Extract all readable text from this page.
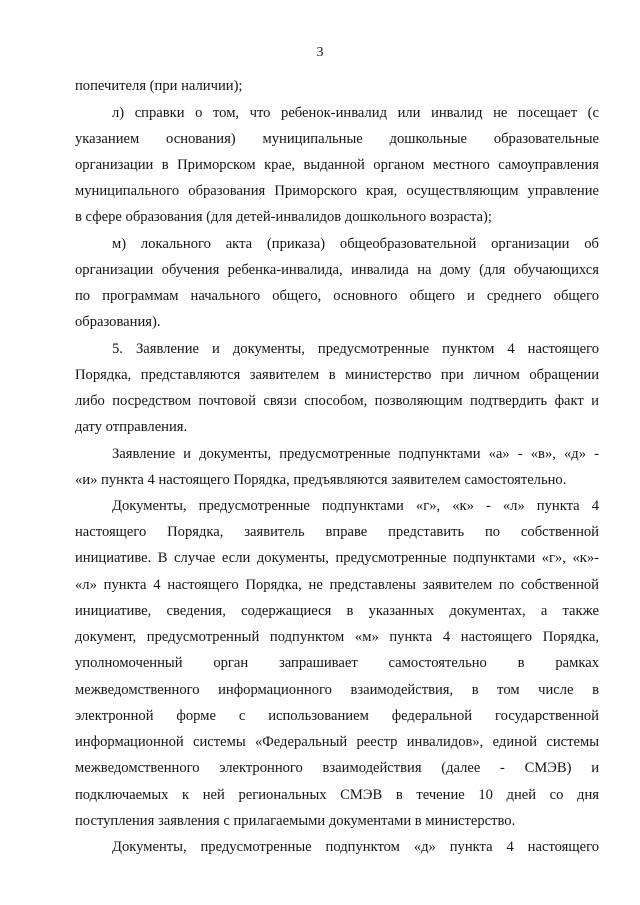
3
попечителя (при наличии);
л) справки о том, что ребенок-инвалид или инвалид не посещает (с
указанием основания) муниципальные дошкольные образовательные
организации в Приморском крае, выданной органом местного самоуправления
муниципального образования Приморского края, осуществляющим управление
в сфере образования (для детей-инвалидов дошкольного возраста);
м) локального акта (приказа) общеобразовательной организации об
организации обучения ребенка-инвалида, инвалида на дому (для обучающихся
по программам начального общего, основного общего и среднего общего
образования).
5. Заявление и документы, предусмотренные пунктом 4 настоящего
Порядка, представляются заявителем в министерство при личном обращении
либо посредством почтовой связи способом, позволяющим подтвердить факт и
дату отправления.
Заявление и документы, предусмотренные подпунктами «а» - «в», «д» -
«и» пункта 4 настоящего Порядка, предъявляются заявителем самостоятельно.
Документы, предусмотренные подпунктами «г», «к» - «л» пункта 4
настоящего Порядка, заявитель вправе представить по собственной
инициативе. В случае если документы, предусмотренные подпунктами «г», «к»-
«л» пункта 4 настоящего Порядка, не представлены заявителем по собственной
инициативе, сведения, содержащиеся в указанных документах, а также
документ, предусмотренный подпунктом «м» пункта 4 настоящего Порядка,
уполномоченный орган запрашивает самостоятельно в рамках
межведомственного информационного взаимодействия, в том числе в
электронной форме с использованием федеральной государственной
информационной системы «Федеральный реестр инвалидов», единой системы
межведомственного электронного взаимодействия (далее - СМЭВ) и
подключаемых к ней региональных СМЭВ в течение 10 дней со дня
поступления заявления с прилагаемыми документами в министерство.
Документы, предусмотренные подпунктом «д» пункта 4 настоящего
